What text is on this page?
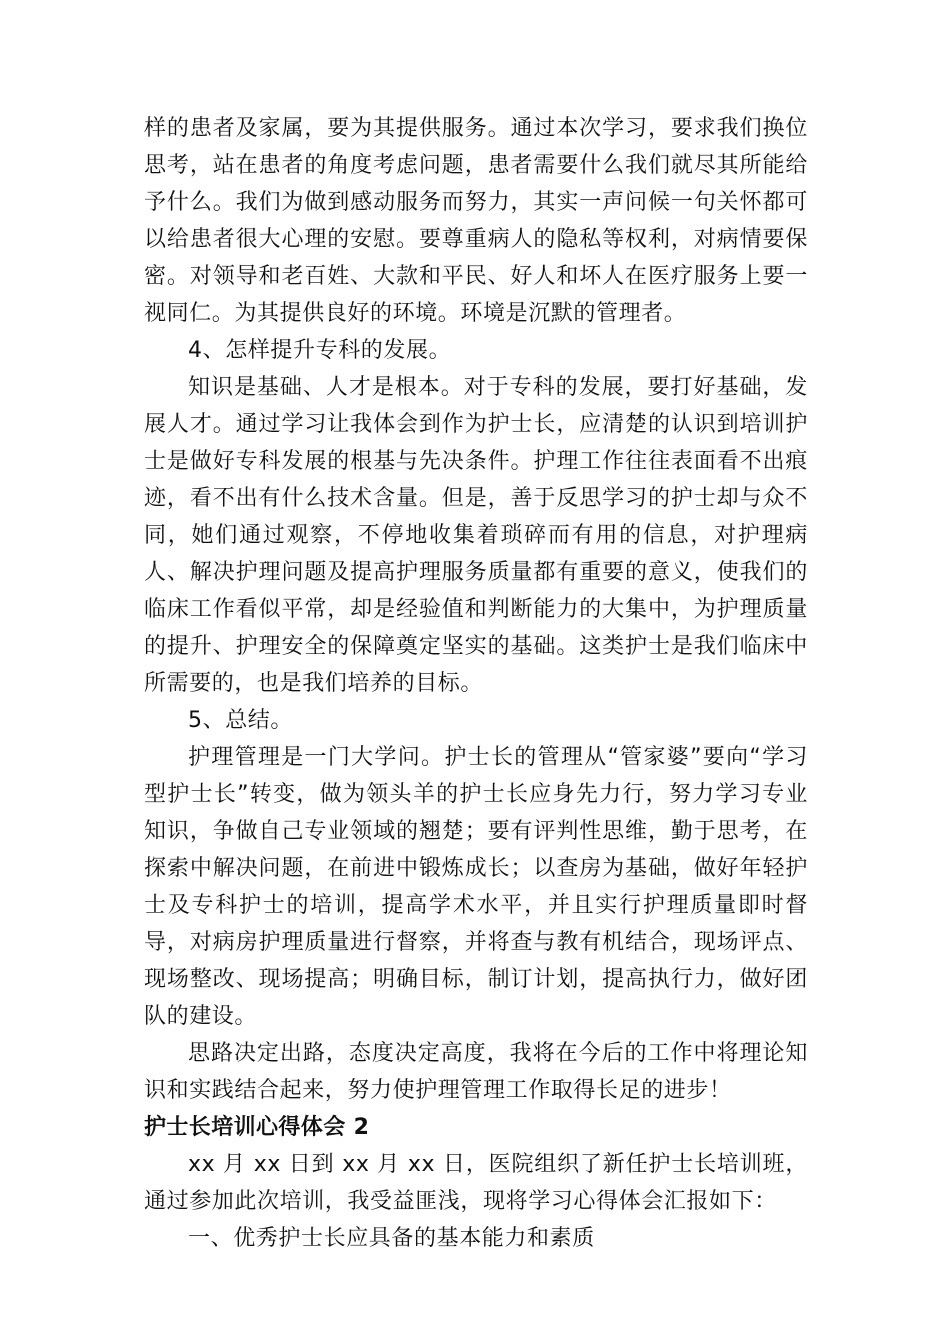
样的患者及家属，要为其提供服务。通过本次学习，要求我们换位思考，站在患者的角度考虑问题，患者需要什么我们就尽其所能给予什么。我们为做到感动服务而努力，其实一声问候一句关怀都可以给患者很大心理的安慰。要尊重病人的隐私等权利，对病情要保密。对领导和老百姓、大款和平民、好人和坏人在医疗服务上要一视同仁。为其提供良好的环境。环境是沉默的管理者。

4、怎样提升专科的发展。

知识是基础、人才是根本。对于专科的发展，要打好基础，发展人才。通过学习让我体会到作为护士长，应清楚的认识到培训护士是做好专科发展的根基与先决条件。护理工作往往表面看不出痕迹，看不出有什么技术含量。但是，善于反思学习的护士却与众不同，她们通过观察，不停地收集着琐碎而有用的信息，对护理病人、解决护理问题及提高护理服务质量都有重要的意义，使我们的临床工作看似平常，却是经验值和判断能力的大集中，为护理质量的提升、护理安全的保障奠定坚实的基础。这类护士是我们临床中所需要的，也是我们培养的目标。

5、总结。

护理管理是一门大学问。护士长的管理从“管家婆”要向“学习型护士长”转变，做为领头羊的护士长应身先力行，努力学习专业知识，争做自己专业领域的翘楚；要有评判性思维，勤于思考，在探索中解决问题，在前进中锻炼成长；以查房为基础，做好年轻护士及专科护士的培训，提高学术水平，并且实行护理质量即时督导，对病房护理质量进行督察，并将查与教有机结合，现场评点、现场整改、现场提高；明确目标，制订计划，提高执行力，做好团队的建设。

思路决定出路，态度决定高度，我将在今后的工作中将理论知识和实践结合起来，努力使护理管理工作取得长足的进步！

护士长培训心得体会 2

xx 月 xx 日到 xx 月 xx 日，医院组织了新任护士长培训班，通过参加此次培训，我受益匪浅，现将学习心得体会汇报如下：

一、优秀护士长应具备的基本能力和素质
